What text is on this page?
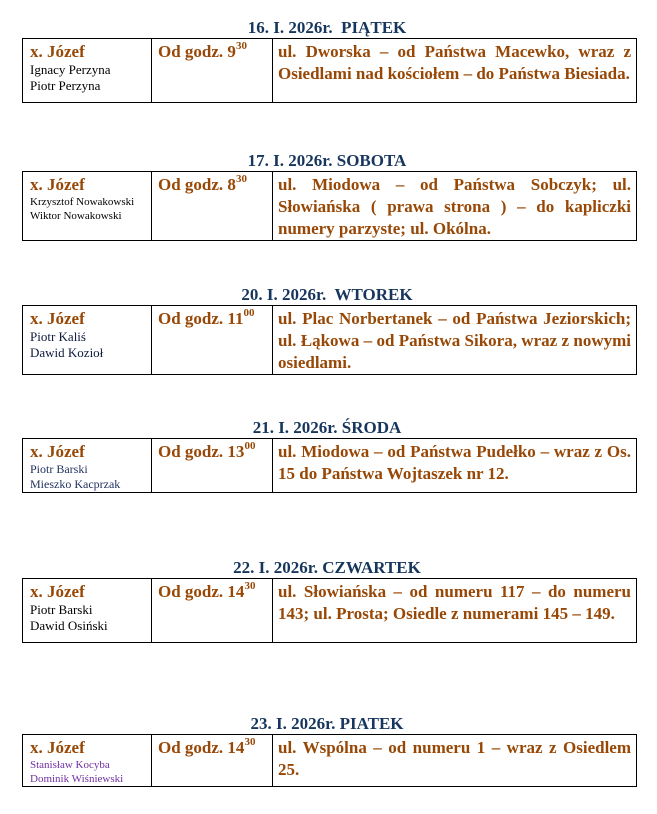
16. I. 2026r.  PIĄTEK
x. Józef
Ignacy Perzyna
Piotr Perzyna
	Od godz. $9^{30}$	ul. Dworska – od Państwa Macewko, wraz z Osiedlami nad kościołem – do Państwa Biesiada.
17. I. 2026r. SOBOTA
x. Józef
Krzysztof Nowakowski
Wiktor Nowakowski
	Od godz. $8^{30}$	ul. Miodowa – od Państwa Sobczyk; ul. Słowiańska ( prawa strona ) – do kapliczki numery parzyste; ul. Okólna.
20. I. 2026r.  WTOREK
x. Józef
Piotr Kaliś
Dawid Kozioł
	Od godz. $11^{00}$	ul. Plac Norbertanek – od Państwa Jeziorskich; ul. Łąkowa – od Państwa Sikora, wraz z nowymi osiedlami.
21. I. 2026r. ŚRODA
x. Józef
Piotr Barski
Mieszko Kacprzak
	Od godz. $13^{00}$	ul. Miodowa – od Państwa Pudełko – wraz z Os. 15 do Państwa Wojtaszek nr 12.
22. I. 2026r. CZWARTEK
x. Józef
Piotr Barski
Dawid Osiński
	Od godz. $14^{30}$	ul. Słowiańska – od numeru 117 – do numeru 143; ul. Prosta; Osiedle z numerami 145 – 149.
23. I. 2026r. PIATEK
x. Józef
Stanisław Kocyba
Dominik Wiśniewski
	Od godz. $14^{30}$	ul. Wspólna – od numeru 1 – wraz z Osiedlem 25.
